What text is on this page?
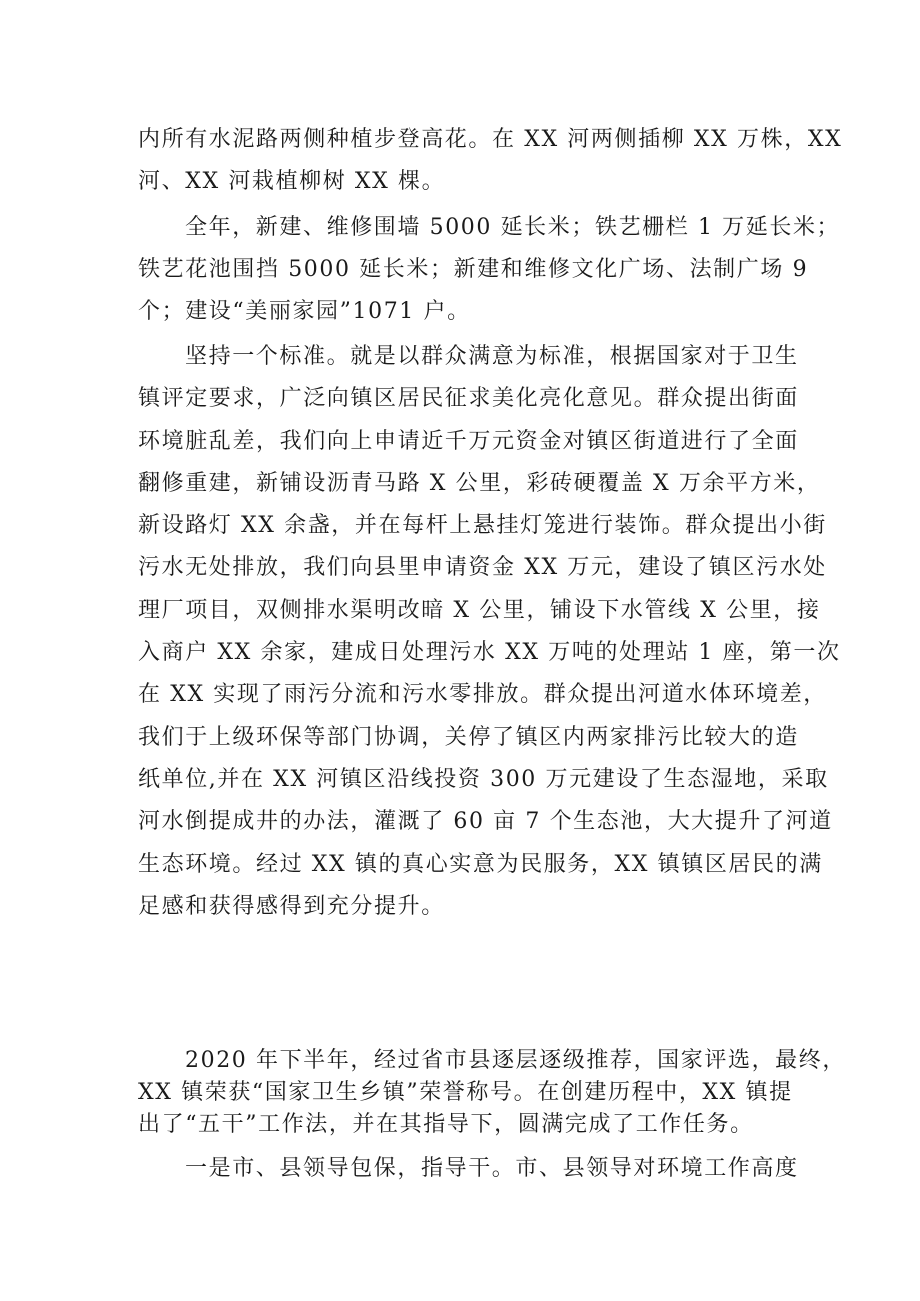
内所有水泥路两侧种植步登高花。在 XX 河两侧插柳 XX 万株，XX
河、XX 河栽植柳树 XX 棵。
全年，新建、维修围墙 5000 延长米；铁艺栅栏 1 万延长米；
铁艺花池围挡 5000 延长米；新建和维修文化广场、法制广场 9
个；建设“美丽家园”1071 户。
坚持一个标准。就是以群众满意为标准，根据国家对于卫生
镇评定要求，广泛向镇区居民征求美化亮化意见。群众提出街面
环境脏乱差，我们向上申请近千万元资金对镇区街道进行了全面
翻修重建，新铺设沥青马路 X 公里，彩砖硬覆盖 X 万余平方米，
新设路灯 XX 余盏，并在每杆上悬挂灯笼进行装饰。群众提出小街
污水无处排放，我们向县里申请资金 XX 万元，建设了镇区污水处
理厂项目，双侧排水渠明改暗 X 公里，铺设下水管线 X 公里，接
入商户 XX 余家，建成日处理污水 XX 万吨的处理站 1 座，第一次
在 XX 实现了雨污分流和污水零排放。群众提出河道水体环境差，
我们于上级环保等部门协调，关停了镇区内两家排污比较大的造
纸单位,并在 XX 河镇区沿线投资 300 万元建设了生态湿地，采取
河水倒提成井的办法，灌溉了 60 亩 7 个生态池，大大提升了河道
生态环境。经过 XX 镇的真心实意为民服务，XX 镇镇区居民的满
足感和获得感得到充分提升。
2020 年下半年，经过省市县逐层逐级推荐，国家评选，最终，
XX 镇荣获“国家卫生乡镇”荣誉称号。在创建历程中，XX 镇提
出了“五干”工作法，并在其指导下，圆满完成了工作任务。
一是市、县领导包保，指导干。市、县领导对环境工作高度
